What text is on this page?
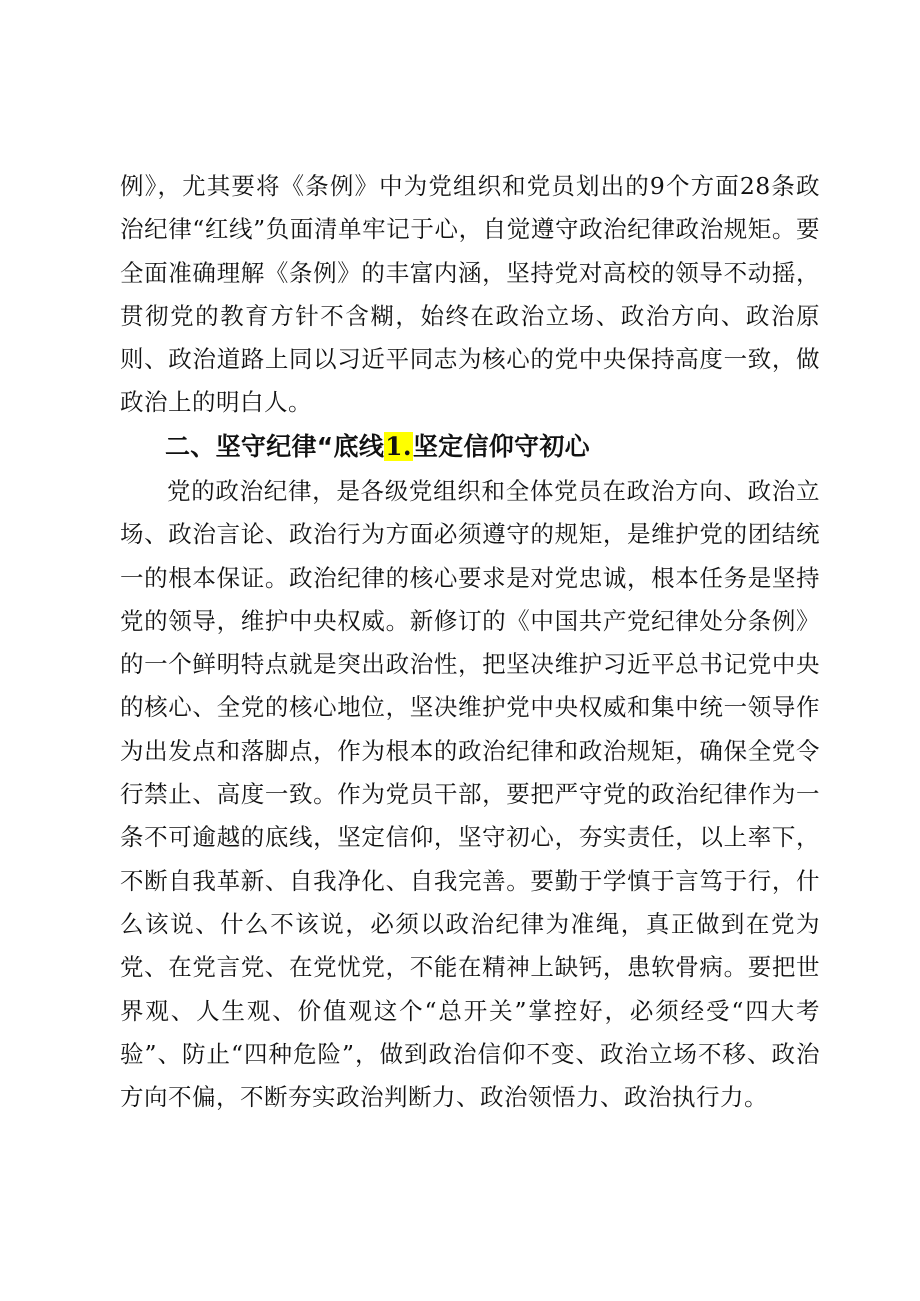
例》，尤其要将《条例》中为党组织和党员划出的9个方面28条政治纪律“红线”负面清单牢记于心，自觉遵守政治纪律政治规矩。要全面准确理解《条例》的丰富内涵，坚持党对高校的领导不动摇，贯彻党的教育方针不含糊，始终在政治立场、政治方向、政治原则、政治道路上同以习近平同志为核心的党中央保持高度一致，做政治上的明白人。

二、坚守纪律“底线1.坚定信仰守初心

党的政治纪律，是各级党组织和全体党员在政治方向、政治立场、政治言论、政治行为方面必须遵守的规矩，是维护党的团结统一的根本保证。政治纪律的核心要求是对党忠诚，根本任务是坚持党的领导，维护中央权威。新修订的《中国共产党纪律处分条例》的一个鲜明特点就是突出政治性，把坚决维护习近平总书记党中央的核心、全党的核心地位，坚决维护党中央权威和集中统一领导作为出发点和落脚点，作为根本的政治纪律和政治规矩，确保全党令行禁止、高度一致。作为党员干部，要把严守党的政治纪律作为一条不可逾越的底线，坚定信仰，坚守初心，夯实责任，以上率下，不断自我革新、自我净化、自我完善。要勤于学慎于言笃于行，什么该说、什么不该说，必须以政治纪律为准绳，真正做到在党为党、在党言党、在党忧党，不能在精神上缺钙，患软骨病。要把世界观、人生观、价值观这个“总开关”掌控好，必须经受“四大考验”、防止“四种危险”，做到政治信仰不变、政治立场不移、政治方向不偏，不断夯实政治判断力、政治领悟力、政治执行力。
